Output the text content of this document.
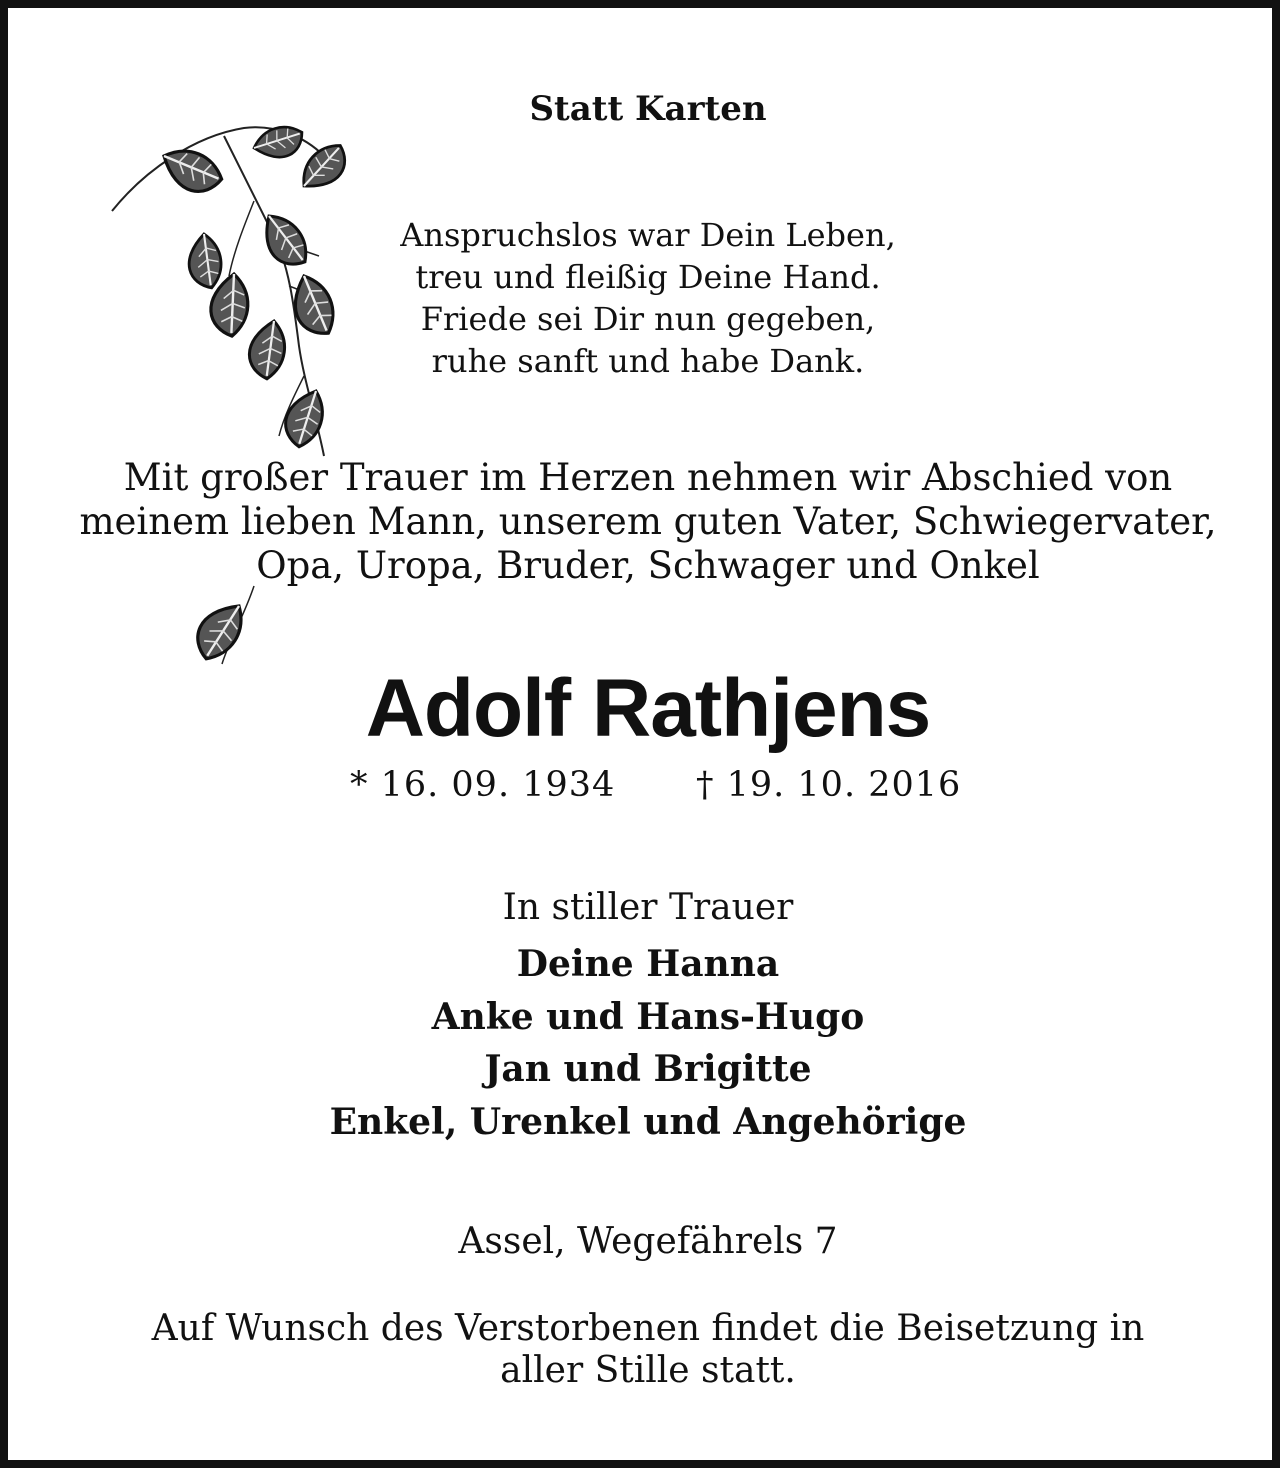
Statt Karten
Anspruchslos war Dein Leben,
treu und fleißig Deine Hand.
Friede sei Dir nun gegeben,
ruhe sanft und habe Dank.
Mit großer Trauer im Herzen nehmen wir Abschied von
meinem lieben Mann, unserem guten Vater, Schwiegervater,
Opa, Uropa, Bruder, Schwager und Onkel
Adolf Rathjens
* 16. 09. 1934 † 19. 10. 2016
In stiller Trauer
Deine Hanna
Anke und Hans-Hugo
Jan und Brigitte
Enkel, Urenkel und Angehörige
Assel, Wegefährels 7
Auf Wunsch des Verstorbenen findet die Beisetzung in
aller Stille statt.
